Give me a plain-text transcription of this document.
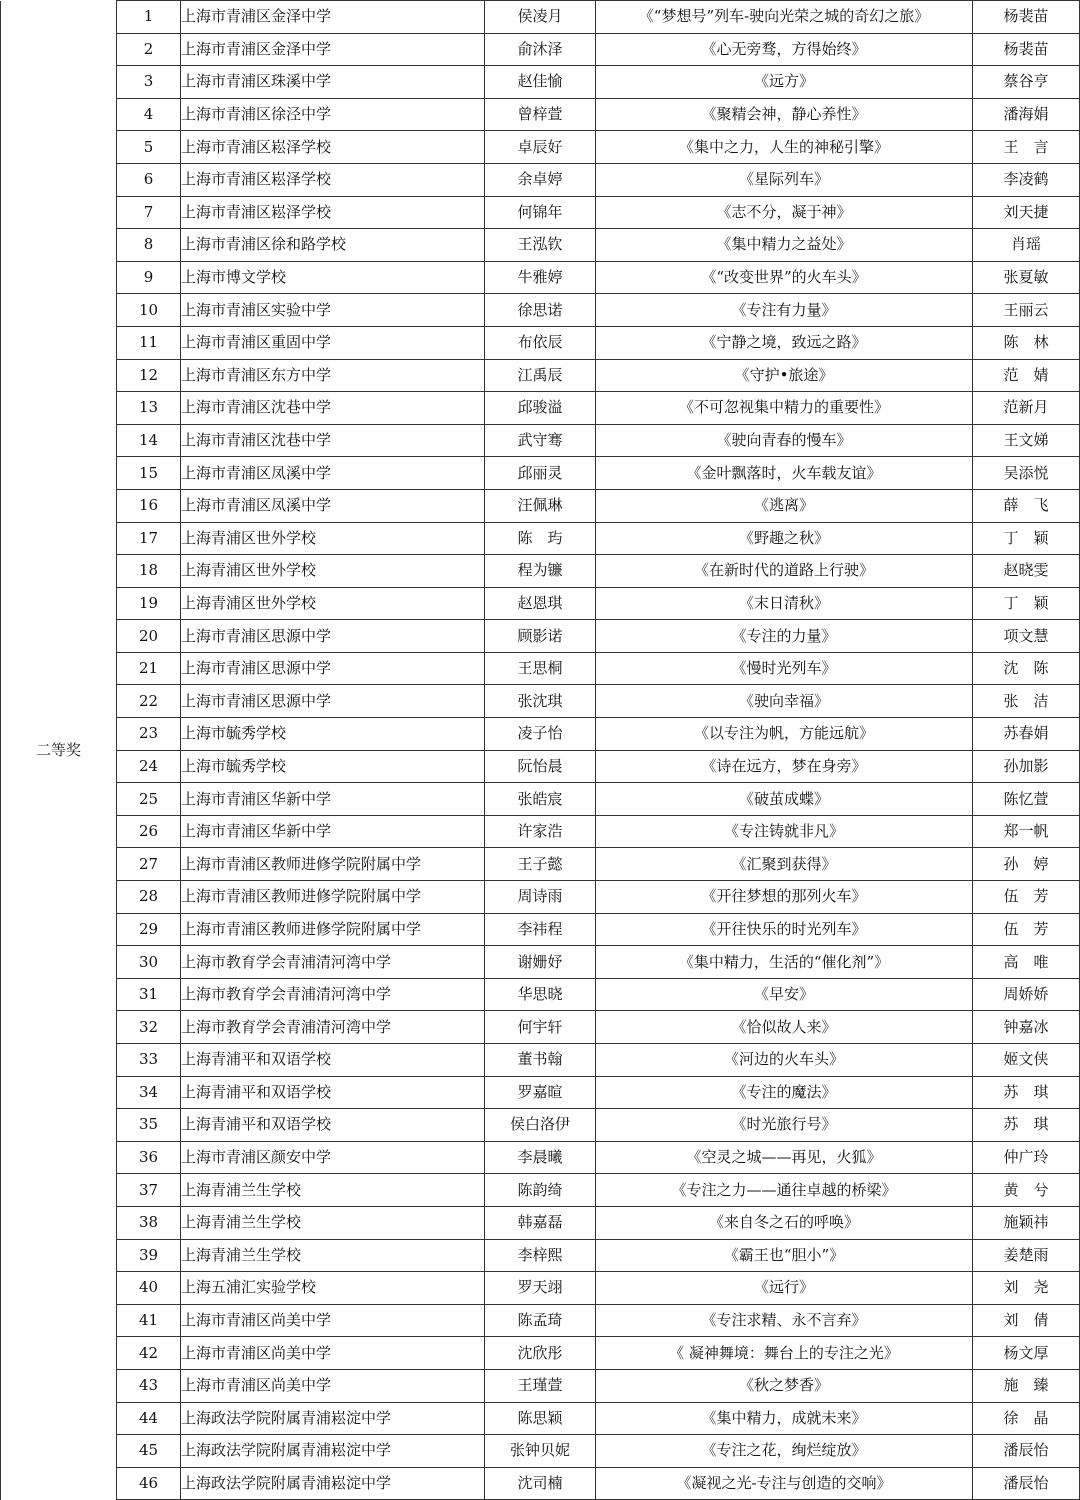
二等奖	1	上海市青浦区金泽中学	侯凌月	《“梦想号”列车-驶向光荣之城的奇幻之旅》	杨裴苗
	2	上海市青浦区金泽中学	俞沐泽	《心无旁骛，方得始终》	杨裴苗
	3	上海市青浦区珠溪中学	赵佳愉	《远方》	蔡谷亨
	4	上海市青浦区徐泾中学	曾梓萱	《聚精会神，静心养性》	潘海娟
	5	上海市青浦区崧泽学校	卓辰好	《集中之力，人生的神秘引擎》	王　言
	6	上海市青浦区崧泽学校	余卓婷	《星际列车》	李凌鹤
	7	上海市青浦区崧泽学校	何锦年	《志不分，凝于神》	刘天捷
	8	上海市青浦区徐和路学校	王泓钦	《集中精力之益处》	肖瑶
	9	上海市博文学校	牛雅婷	《“改变世界”的火车头》	张夏敏
	10	上海市青浦区实验中学	徐思诺	《专注有力量》	王丽云
	11	上海市青浦区重固中学	布依辰	《宁静之境，致远之路》	陈　林
	12	上海市青浦区东方中学	江禹辰	《守护•旅途》	范　婧
	13	上海市青浦区沈巷中学	邱骏溢	《不可忽视集中精力的重要性》	范新月
	14	上海市青浦区沈巷中学	武守骞	《驶向青春的慢车》	王文娣
	15	上海市青浦区凤溪中学	邱丽灵	《金叶飘落时，火车载友谊》	吴添悦
	16	上海市青浦区凤溪中学	汪佩琳	《逃离》	薛　飞
	17	上海青浦区世外学校	陈　玙	《野趣之秋》	丁　颖
	18	上海青浦区世外学校	程为镰	《在新时代的道路上行驶》	赵晓雯
	19	上海青浦区世外学校	赵恩琪	《末日清秋》	丁　颖
	20	上海市青浦区思源中学	顾影诺	《专注的力量》	项文慧
	21	上海市青浦区思源中学	王思桐	《慢时光列车》	沈　陈
	22	上海市青浦区思源中学	张沈琪	《驶向幸福》	张　洁
	23	上海市毓秀学校	凌子怡	《以专注为帆，方能远航》	苏春娟
	24	上海市毓秀学校	阮怡晨	《诗在远方，梦在身旁》	孙加影
	25	上海市青浦区华新中学	张皓宸	《破茧成蝶》	陈忆萱
	26	上海市青浦区华新中学	许家浩	《专注铸就非凡》	郑一帆
	27	上海市青浦区教师进修学院附属中学	王子懿	《汇聚到获得》	孙　婷
	28	上海市青浦区教师进修学院附属中学	周诗雨	《开往梦想的那列火车》	伍　芳
	29	上海市青浦区教师进修学院附属中学	李祎程	《开往快乐的时光列车》	伍　芳
	30	上海市教育学会青浦清河湾中学	谢姗妤	《集中精力，生活的“催化剂”》	高　唯
	31	上海市教育学会青浦清河湾中学	华思晓	《早安》	周娇娇
	32	上海市教育学会青浦清河湾中学	何宇轩	《恰似故人来》	钟嘉冰
	33	上海青浦平和双语学校	董书翰	《河边的火车头》	姬文侠
	34	上海青浦平和双语学校	罗嘉暄	《专注的魔法》	苏　琪
	35	上海青浦平和双语学校	侯白洛伊	《时光旅行号》	苏　琪
	36	上海市青浦区颜安中学	李晨曦	《空灵之城——再见，火狐》	仲广玲
	37	上海青浦兰生学校	陈韵绮	《专注之力——通往卓越的桥梁》	黄　兮
	38	上海青浦兰生学校	韩嘉磊	《来自冬之石的呼唤》	施颖祎
	39	上海青浦兰生学校	李梓熙	《霸王也“胆小”》	姜楚雨
	40	上海五浦汇实验学校	罗天翊	《远行》	刘　尧
	41	上海市青浦区尚美中学	陈孟琦	《专注求精、永不言弃》	刘　倩
	42	上海市青浦区尚美中学	沈欣彤	《 凝神舞境：舞台上的专注之光》	杨文厚
	43	上海市青浦区尚美中学	王瑾萱	《秋之梦香》	施　臻
	44	上海政法学院附属青浦崧淀中学	陈思颖	《集中精力，成就未来》	徐　晶
	45	上海政法学院附属青浦崧淀中学	张钟贝妮	《专注之花，绚烂绽放》	潘辰怡
	46	上海政法学院附属青浦崧淀中学	沈司楠	《凝视之光-专注与创造的交响》	潘辰怡
